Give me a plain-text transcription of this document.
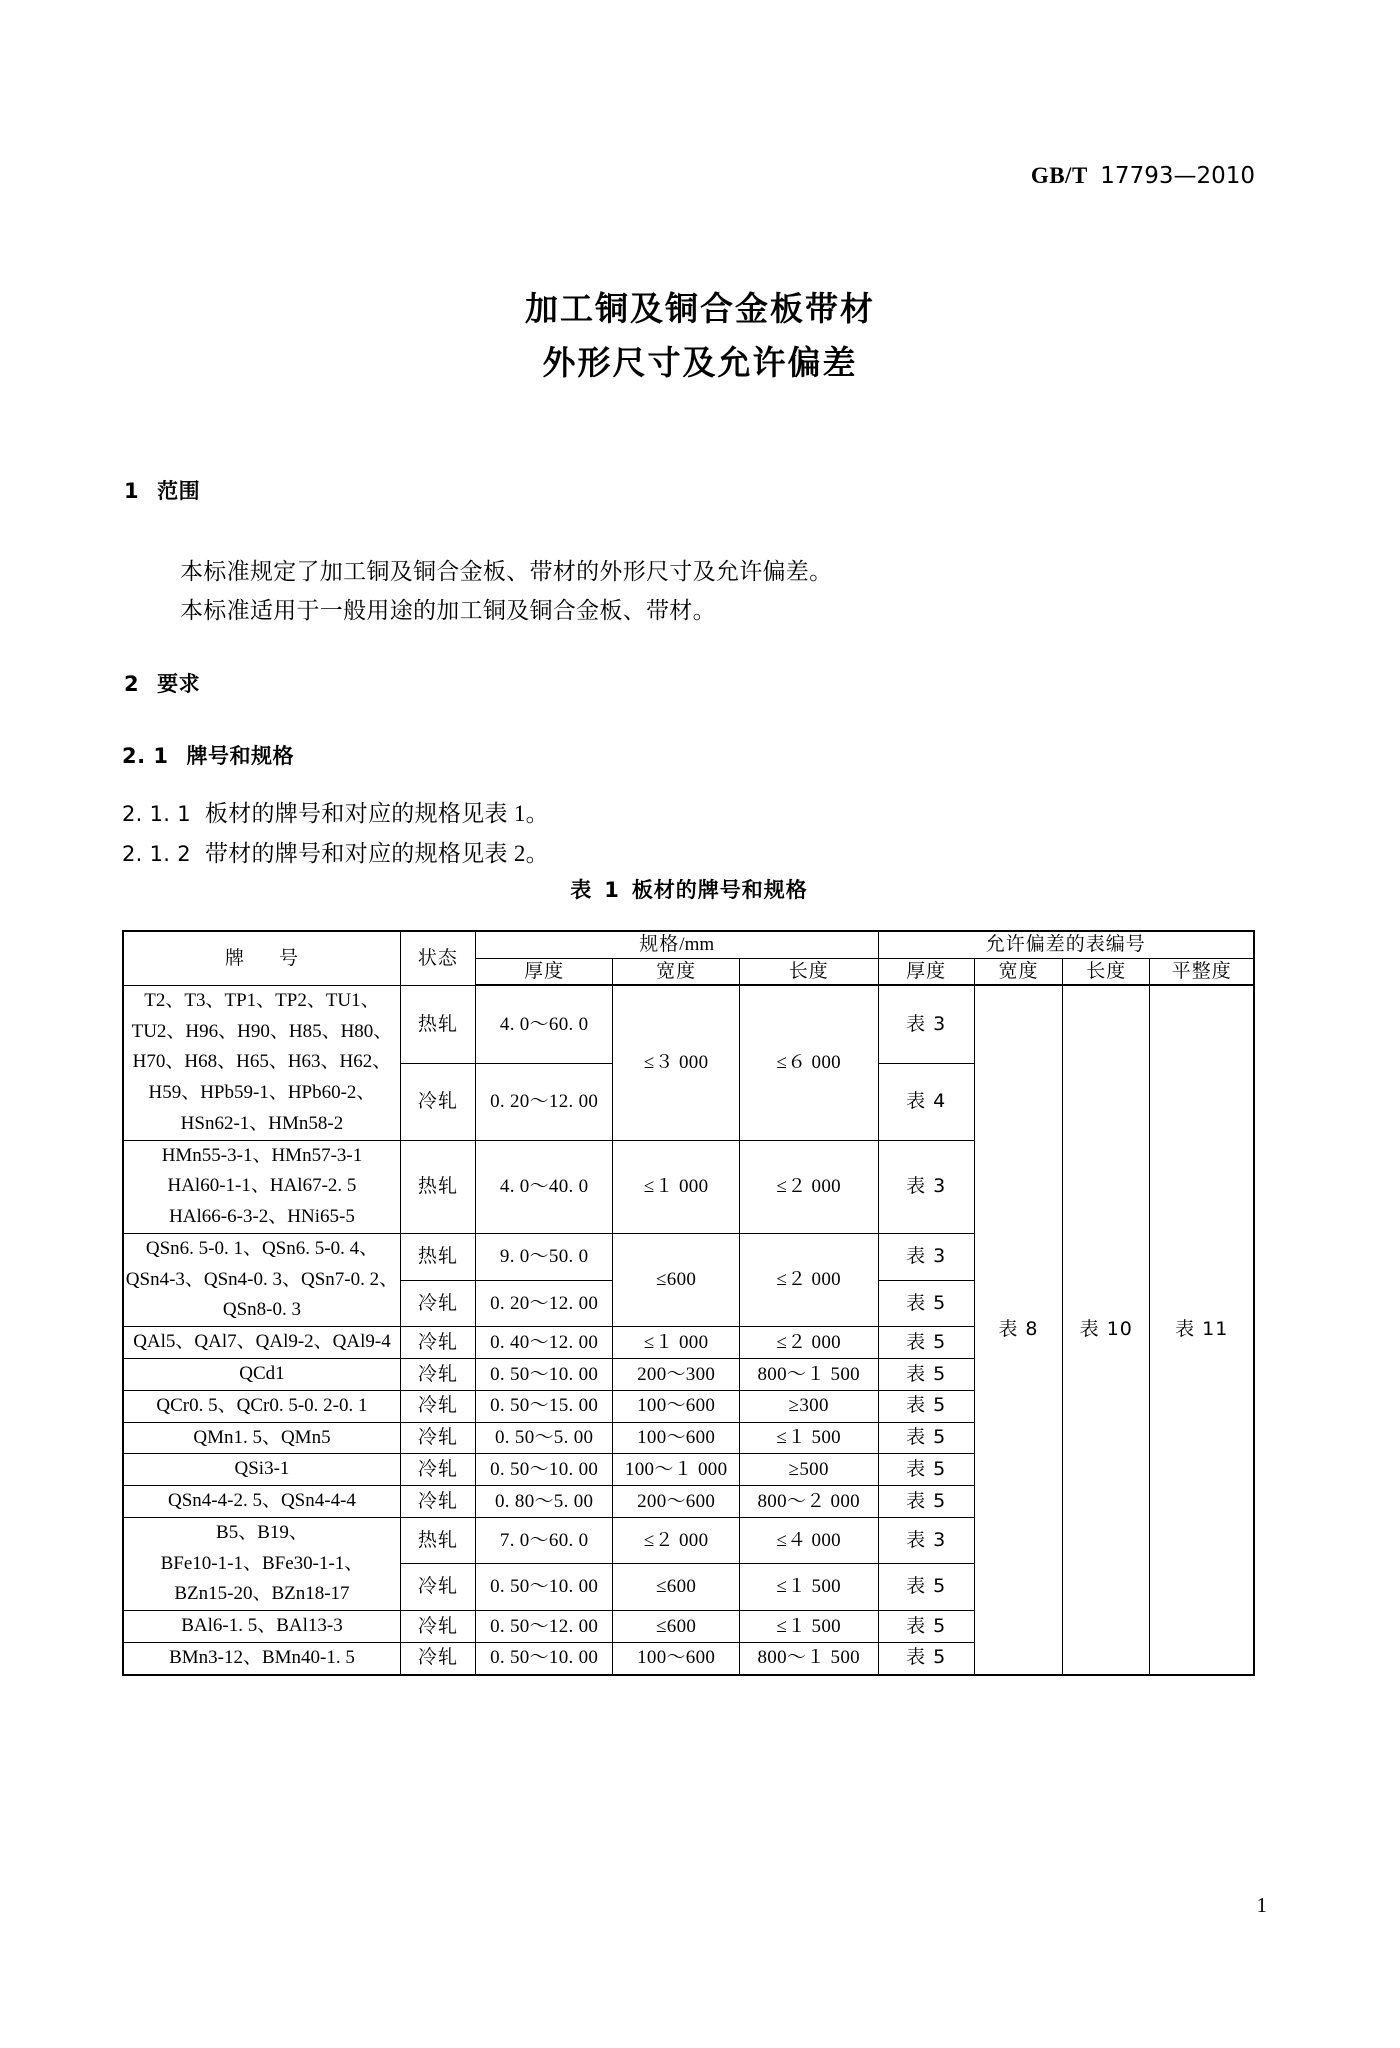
GB/T 17793—2010
加工铜及铜合金板带材
外形尺寸及允许偏差
1 范围
本标准规定了加工铜及铜合金板、带材的外形尺寸及允许偏差。
本标准适用于一般用途的加工铜及铜合金板、带材。
2 要求
2. 1 牌号和规格
2. 1. 1 板材的牌号和对应的规格见表 1。
2. 1. 2 带材的牌号和对应的规格见表 2。
表 1 板材的牌号和规格
牌 号	状态	规格/mm			允许偏差的表编号			
		厚度	宽度	长度	厚度	宽度	长度	平整度

T2、T3、TP1、TP2、TU1、
TU2、H96、H90、H85、H80、
H70、H68、H65、H63、H62、
H59、HPb59-1、HPb60-2、
HSn62-1、HMn58-2	热轧	4. 0～60. 0	≤３ 000	≤６ 000	表 3	表 8	表 10	表 11
	冷轧	0. 20～12. 00			表 4			

HMn55-3-1、HMn57-3-1
HAl60-1-1、HAl67-2. 5
HAl66-6-3-2、HNi65-5	热轧	4. 0～40. 0	≤１ 000	≤２ 000	表 3			

QSn6. 5-0. 1、QSn6. 5-0. 4、
QSn4-3、QSn4-0. 3、QSn7-0. 2、
QSn8-0. 3	热轧	9. 0～50. 0	≤600	≤２ 000	表 3			
	冷轧	0. 20～12. 00			表 5			

QAl5、QAl7、QAl9-2、QAl9-4	冷轧	0. 40～12. 00	≤１ 000	≤２ 000	表 5			

QCd1	冷轧	0. 50～10. 00	200～300	800～１ 500	表 5			

QCr0. 5、QCr0. 5-0. 2-0. 1	冷轧	0. 50～15. 00	100～600	≥300	表 5			

QMn1. 5、QMn5	冷轧	0. 50～5. 00	100～600	≤１ 500	表 5			

QSi3-1	冷轧	0. 50～10. 00	100～１ 000	≥500	表 5			

QSn4-4-2. 5、QSn4-4-4	冷轧	0. 80～5. 00	200～600	800～２ 000	表 5			

B5、B19、
BFe10-1-1、BFe30-1-1、
BZn15-20、BZn18-17	热轧	7. 0～60. 0	≤２ 000	≤４ 000	表 3			
	冷轧	0. 50～10. 00	≤600	≤１ 500	表 5			

BAl6-1. 5、BAl13-3	冷轧	0. 50～12. 00	≤600	≤１ 500	表 5			

BMn3-12、BMn40-1. 5	冷轧	0. 50～10. 00	100～600	800～１ 500	表 5			
1
